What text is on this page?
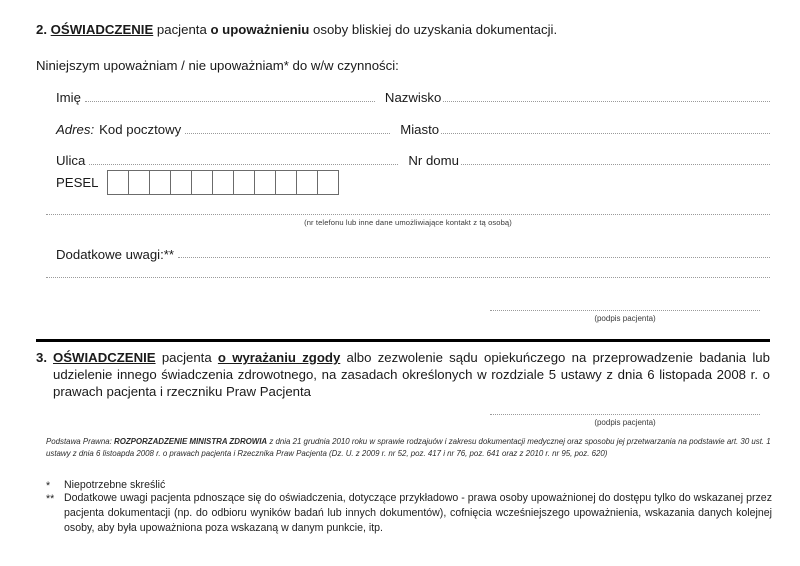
2. OŚWIADCZENIE pacjenta o upoważnieniu osoby bliskiej do uzyskania dokumentacji.
Niniejszym upoważniam / nie upoważniam* do w/w czynności:
Imię	Nazwisko
Adres: Kod pocztowy	Miasto
Ulica	Nr domu
PESEL
(nr telefonu lub inne dane umożliwiające kontakt z tą osobą)
Dodatkowe uwagi:**
(podpis pacjenta)
3. OŚWIADCZENIE pacjenta o wyrażaniu zgody albo zezwolenie sądu opiekuńczego na przeprowadzenie badania lub udzielenie innego świadczenia zdrowotnego, na zasadach określonych w rozdziale 5 ustawy z dnia 6 listopada 2008 r. o prawach pacjenta i rzeczniku Praw Pacjenta
(podpis pacjenta)
Podstawa Prawna: ROZPORZADZENIE MINISTRA ZDROWIA z dnia 21 grudnia 2010 roku w sprawie rodzajuów i zakresu dokumentacji medycznej oraz sposobu jej przetwarzania na podstawie art. 30 ust. 1 ustawy z dnia 6 listoapda 2008 r. o prawach pacjenta i Rzecznika Praw Pacjenta (Dz. U. z 2009 r. nr 52, poz. 417 i nr 76, poz. 641 oraz z 2010 r. nr 95, poz. 620)
*	Niepotrzebne skreślić
** Dodatkowe uwagi pacjenta pdnoszące się do oświadczenia, dotyczące przykładowo - prawa osoby upoważnionej do dostępu tylko do wskazanej przez pacjenta dokumentacji (np. do odbioru wyników badań lub innych dokumentów), cofnięcia wcześniejszego upoważnienia, wskazania danych kolejnej osoby, aby była upoważniona poza wskazaną w danym punkcie, itp.
